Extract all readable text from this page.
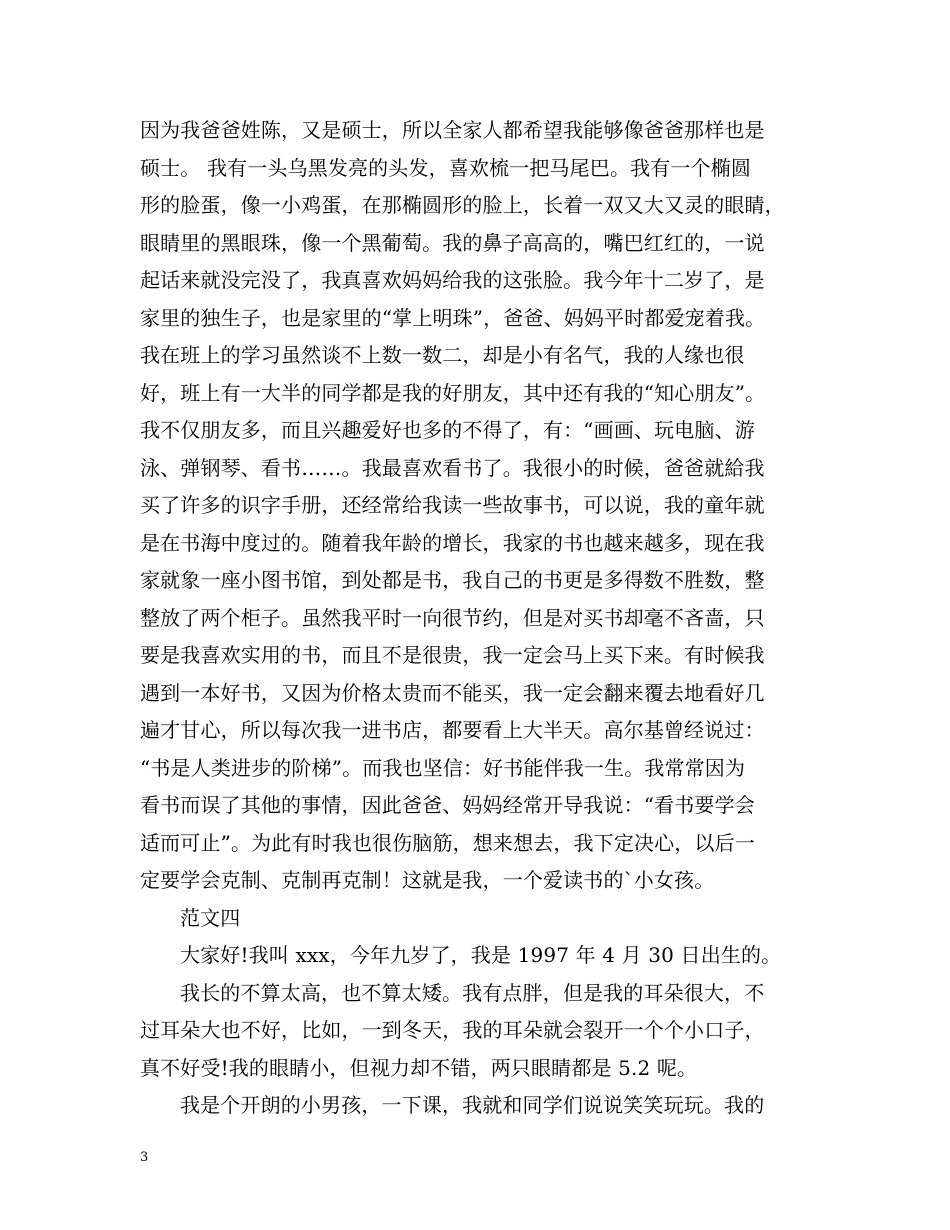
因为我爸爸姓陈，又是硕士，所以全家人都希望我能够像爸爸那样也是
硕士。 我有一头乌黑发亮的头发，喜欢梳一把马尾巴。我有一个椭圆
形的脸蛋，像一小鸡蛋，在那椭圆形的脸上，长着一双又大又灵的眼睛，
眼睛里的黑眼珠，像一个黑葡萄。我的鼻子高高的，嘴巴红红的，一说
起话来就没完没了，我真喜欢妈妈给我的这张脸。我今年十二岁了，是
家里的独生子，也是家里的“掌上明珠”，爸爸、妈妈平时都爱宠着我。
我在班上的学习虽然谈不上数一数二，却是小有名气，我的人缘也很
好，班上有一大半的同学都是我的好朋友，其中还有我的“知心朋友”。
我不仅朋友多，而且兴趣爱好也多的不得了，有：“画画、玩电脑、游
泳、弹钢琴、看书……。我最喜欢看书了。我很小的时候，爸爸就給我
买了许多的识字手册，还经常给我读一些故事书，可以说，我的童年就
是在书海中度过的。随着我年龄的增长，我家的书也越来越多，现在我
家就象一座小图书馆，到处都是书，我自己的书更是多得数不胜数，整
整放了两个柜子。虽然我平时一向很节约，但是对买书却毫不吝啬，只
要是我喜欢实用的书，而且不是很贵，我一定会马上买下来。有时候我
遇到一本好书，又因为价格太贵而不能买，我一定会翻来覆去地看好几
遍才甘心，所以每次我一进书店，都要看上大半天。高尔基曾经说过：
“书是人类进步的阶梯”。而我也坚信：好书能伴我一生。我常常因为
看书而误了其他的事情，因此爸爸、妈妈经常开导我说：“看书要学会
适而可止”。为此有时我也很伤脑筋，想来想去，我下定决心，以后一
定要学会克制、克制再克制！这就是我，一个爱读书的`小女孩。
范文四
大家好!我叫 xxx，今年九岁了，我是 1997 年 4 月 30 日出生的。
我长的不算太高，也不算太矮。我有点胖，但是我的耳朵很大，不
过耳朵大也不好，比如，一到冬天，我的耳朵就会裂开一个个小口子，
真不好受!我的眼睛小，但视力却不错，两只眼睛都是 5.2 呢。
我是个开朗的小男孩，一下课，我就和同学们说说笑笑玩玩。我的
3
